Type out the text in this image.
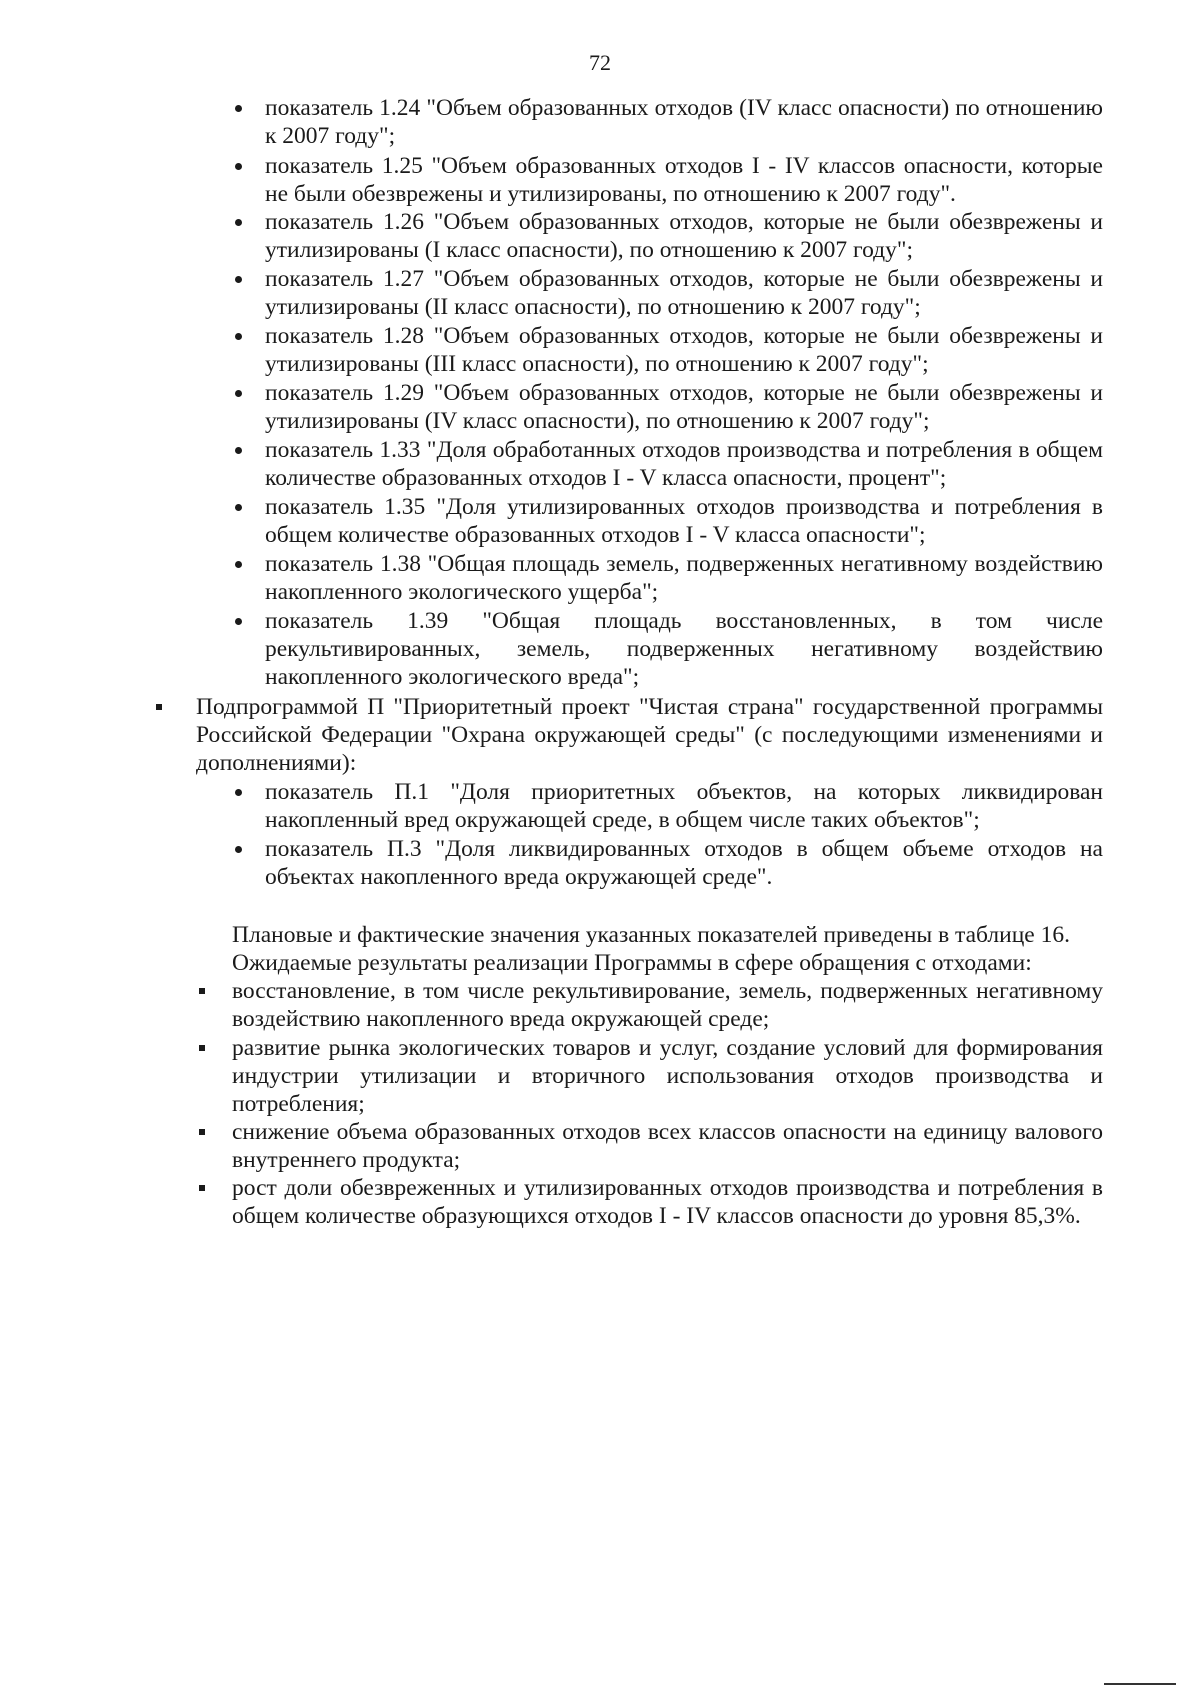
72
показатель 1.24 "Объем образованных отходов (IV класс опасности) по отношению к 2007 году";
показатель 1.25 "Объем образованных отходов I - IV классов опасности, которые не были обезврежены и утилизированы, по отношению к 2007 году".
показатель 1.26 "Объем образованных отходов, которые не были обезврежены и утилизированы (I класс опасности), по отношению к 2007 году";
показатель 1.27 "Объем образованных отходов, которые не были обезврежены и утилизированы (II класс опасности), по отношению к 2007 году";
показатель 1.28 "Объем образованных отходов, которые не были обезврежены и утилизированы (III класс опасности), по отношению к 2007 году";
показатель 1.29 "Объем образованных отходов, которые не были обезврежены и утилизированы (IV класс опасности), по отношению к 2007 году";
показатель 1.33 "Доля обработанных отходов производства и потребления в общем количестве образованных отходов I - V класса опасности, процент";
показатель 1.35 "Доля утилизированных отходов производства и потребления в общем количестве образованных отходов I - V класса опасности";
показатель 1.38 "Общая площадь земель, подверженных негативному воздействию накопленного экологического ущерба";
показатель 1.39 "Общая площадь восстановленных, в том числе рекультивированных, земель, подверженных негативному воздействию накопленного экологического вреда";
Подпрограммой П "Приоритетный проект "Чистая страна" государственной программы Российской Федерации "Охрана окружающей среды" (с последующими изменениями и дополнениями):
показатель П.1 "Доля приоритетных объектов, на которых ликвидирован накопленный вред окружающей среде, в общем числе таких объектов";
показатель П.3 "Доля ликвидированных отходов в общем объеме отходов на объектах накопленного вреда окружающей среде".
Плановые и фактические значения указанных показателей приведены в таблице 16.
Ожидаемые результаты реализации Программы в сфере обращения с отходами:
восстановление, в том числе рекультивирование, земель, подверженных негативному воздействию накопленного вреда окружающей среде;
развитие рынка экологических товаров и услуг, создание условий для формирования индустрии утилизации и вторичного использования отходов производства и потребления;
снижение объема образованных отходов всех классов опасности на единицу валового внутреннего продукта;
рост доли обезвреженных и утилизированных отходов производства и потребления в общем количестве образующихся отходов I - IV классов опасности до уровня 85,3%.
